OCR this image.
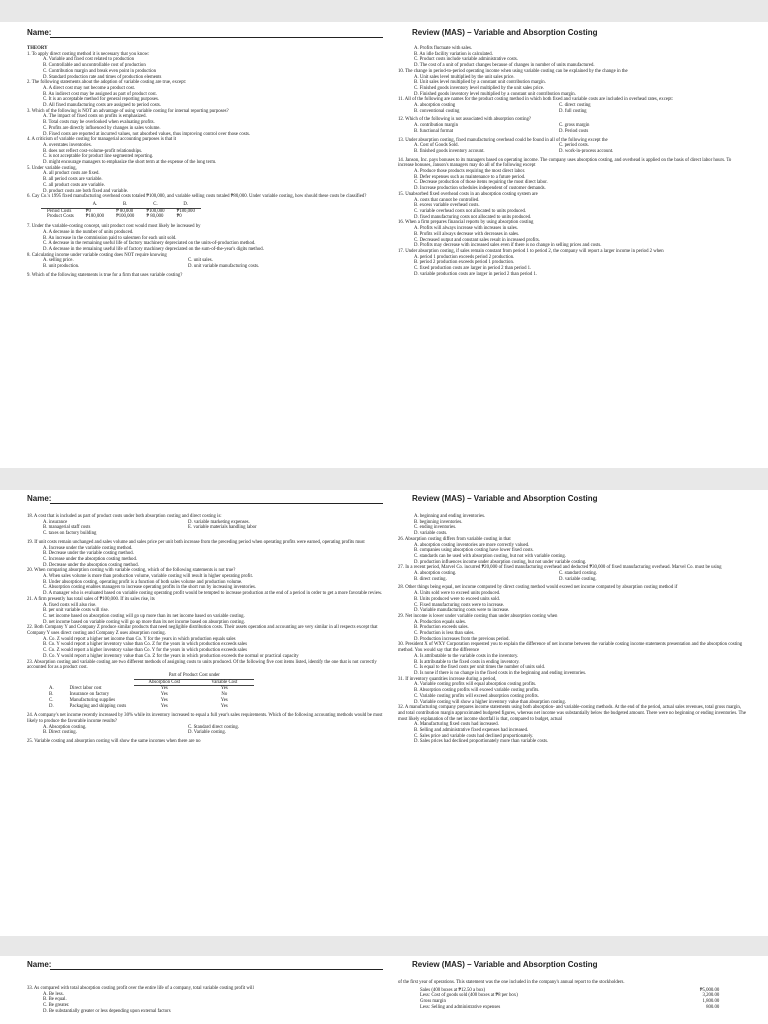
Name:	Review (MAS) – Variable and Absorption Costing

THEORY

1. To apply direct costing method it is necessary that you know:

A. Variable and fixed cost related to production

B. Controllable and uncontrollable cost of production

C. Contribution margin and break even point in production

D. Standard production rate and times of production elements

2. The following statements about the adoption of variable costing are true, except:

A. A direct cost may not become a product cost.

B. An indirect cost may be assigned as part of product cost.

C. It is an acceptable method for general reporting purposes.

D. All fixed manufacturing costs are assigned to period costs.

3. Which of the following is NOT an advantage of using variable costing for internal reporting purposes?

A. The impact of fixed costs on profits is emphasized.

B. Total costs may be overlooked when evaluating profits.

C. Profits are directly influenced by changes in sales volume.

D. Fixed costs are reported at incurred values, not absorbed values, thus improving control over those costs.

4. A criticism of variable costing for managerial accounting purposes is that it

A. overstates inventories.

B. does not reflect cost-volume-profit relationships.

C. is not acceptable for product line segmented reporting.

D. might encourage managers to emphasize the short term at the expense of the long term.

5. Under variable costing,

A. all product costs are fixed.

B. all period costs are variable.

C. all product costs are variable.

D. product costs are both fixed and variable.

6. Cay Co.'s 1995 fixed manufacturing overhead costs totaled ₱100,000, and variable selling costs totaled ₱80,000. Under variable costing, how should these costs be classified?

	A.	B.	C.	D.
Period Costs	₱0	₱ 80,000	₱100,000	₱180,000
Product Costs	₱180,000	₱100,000	₱ 80,000	₱0

7. Under the variable-costing concept, unit product cost would most likely be increased by

A. A decrease in the number of units produced.

B. An increase in the commission paid to salesmen for each unit sold.

C. A decrease in the remaining useful life of factory machinery depreciated on the units-of-production method.

D. A decrease in the remaining useful life of factory machinery depreciated on the sum-of-the-year's digits method.

8. Calculating income under variable costing does NOT require knowing

A. selling price.	C. unit sales.
B. unit production.	D. unit variable manufacturing costs.

9. Which of the following statements is true for a firm that uses variable costing?

A. Profits fluctuate with sales.

B. An idle facility variation is calculated.

C. Product costs include variable administrative costs.

D. The cost of a unit of product changes because of changes in number of units manufactured.

10. The change in period-to-period operating income when using variable costing can be explained by the change in the

A. Unit sales level multiplied by the unit sales price.

B. Unit sales level multiplied by a constant unit contribution margin.

C. Finished goods inventory level multiplied by the unit sales price.

D. Finished goods inventory level multiplied by a constant unit contribution margin.

11. All of the following are names for the product costing method in which both fixed and variable costs are included in overhead rates, except:

A. absorption costing	C. direct costing
B. conventional costing	D. full costing

12. Which of the following is not associated with absorption costing?

A. contribution margin	C. gross margin
B. functional format	D. Period costs

13. Under absorption costing, fixed manufacturing overhead could be found in all of the following except the

A. Cost of Goods Sold.	C. period costs.
B. finished goods inventory account.	D. work-in-process account.

14. Janson, Inc. pays bonuses to its managers based on operating income. The company uses absorption costing, and overhead is applied on the basis of direct labor hours. To increase bonuses, Janson's managers may do all of the following except

A. Produce those products requiring the most direct labor.

B. Defer expenses such as maintenance to a future period.

C. Decrease production of those items requiring the most direct labor.

D. Increase production schedules independent of customer demands.

15. Unabsorbed fixed overhead costs in an absorption costing system are

A. costs that cannot be controlled.

B. excess variable overhead costs.

C. variable overhead costs not allocated to units produced.

D. fixed manufacturing costs not allocated to units produced.

16. When a firm prepares financial reports by using absorption costing

A. Profits will always increase with increases in sales.

B. Profits will always decrease with decreases in sales.

C. Decreased output and constant sales result in increased profits.

D. Profits may decrease with increased sales even if there is no change in selling prices and costs.

17. Under absorption costing, if sales remain constant from period 1 to period 2, the company will report a larger income in period 2 when

A. period 1 production exceeds period 2 production.

B. period 2 production exceeds period 1 production.

C. fixed production costs are larger in period 2 than period 1.

D. variable production costs are larger in period 2 than period 1.

Name:	Review (MAS) – Variable and Absorption Costing

18. A cost that is included as part of product costs under both absorption costing and direct costing is:

A. insurance	D. variable marketing expenses.
B. managerial staff costs	E. variable materials handling labor
C. taxes on factory building

19. If unit costs remain unchanged and sales volume and sales price per unit both increase from the preceding period when operating profits were earned, operating profits must

A. Increase under the variable costing method.

B. Decrease under the variable costing method.

C. Increase under the absorption costing method.

D. Decrease under the absorption costing method.

20. When comparing absorption costing with variable costing, which of the following statements is not true?

A. When sales volume is more than production volume, variable costing will result in higher operating profit.

B. Under absorption costing, operating profit is a function of both sales volume and production volume.

C. Absorption costing enables managers to increase operating profits in the short run by increasing inventories.

D. A manager who is evaluated based on variable costing operating profit would be tempted to increase production at the end of a period in order to get a more favorable review.

21. A firm presently has total sales of ₱100,000. If its sales rise, its

A. fixed costs will also rise.

B. per unit variable costs will rise.

C. net income based on absorption costing will go up more than its net income based on variable costing.

D. net income based on variable costing will go up more than its net income based on absorption costing.

22. Both Company Y and Company Z produce similar products that need negligible distribution costs. Their assets operation and accounting are very similar in all respects except that Company Y uses direct costing and Company Z uses absorption costing.

A. Co. Z would report a higher net income than Co. Y for the years in which production equals sales

B. Co. Y would report a higher inventory value than Co. Z for the years in which production exceeds sales

C. Co. Z would report a higher inventory value than Co. Y for the years in which production exceeds sales

D. Co. Y would report a higher inventory value than Co. Z for the years in which production exceeds the normal or practical capacity

23. Absorption costing and variable costing are two different methods of assigning costs to units produced. Of the following five cost items listed, identify the one that is not correctly accounted for as a product cost.

		Part of Product Cost under	
		Absorption Cost	Variable Cost
A.	Direct labor cost	Yes	Yes
B.	Insurance on factory	Yes	No
C.	Manufacturing supplies	Yes	Yes
D.	Packaging and shipping costs	Yes	Yes

24. A company's net income recently increased by 30% while its inventory increased to equal a full year's sales requirements. Which of the following accounting methods would be most likely to produce the favorable income results?

A. Absorption costing.	C. Standard direct costing.
B. Direct costing.	D. Variable costing.

25. Variable costing and absorption costing will show the same incomes when there are no

A. beginning and ending inventories.

B. beginning inventories.

C. ending inventories.

D. variable costs.

26. Absorption costing differs from variable costing in that

A. absorption costing inventories are more correctly valued.

B. companies using absorption costing have lower fixed costs.

C. standards can be used with absorption costing, but not with variable costing.

D. production influences income under absorption costing, but not under variable costing.

27. In a recent period, Marvel Co. incurred ₱20,000 of fixed manufacturing overhead and deducted ₱30,000 of fixed manufacturing overhead. Marvel Co. must be using

A. absorption costing.	C. standard costing.
B. direct costing.	D. variable costing.

28. Other things being equal, net income computed by direct costing method would exceed net income computed by absorption costing method if

A. Units sold were to exceed units produced.

B. Units produced were to exceed units sold.

C. Fixed manufacturing costs were to increase.

D. Variable manufacturing costs were to increase.

29. Net income is lower under variable costing than under absorption costing when

A. Production equals sales.

B. Production exceeds sales.

C. Production is less than sales.

D. Production increases from the previous period.

30. President X of WXY Corporation requested you to explain the difference of net income between the variable costing income statements presentation and the absorption costing method. You would say that the difference

A. Is attributable to the variable costs in the inventory.

B. Is attributable to the fixed costs in ending inventory.

C. Is equal to the fixed costs per unit times the number of units sold.

D. Is none if there is no change in the fixed costs in the beginning and ending inventories.

31. If inventory quantities increase during a period,

A. Variable costing profits will equal absorption costing profits.

B. Absorption costing profits will exceed variable costing profits.

C. Variable costing profits will exceed absorption costing profits.

D. Variable costing will show a higher inventory value than absorption costing.

32. A manufacturing company prepares income statements using both absorption- and variable-costing methods. At the end of the period, actual sales revenues, total gross margin, and total contribution margin approximated budgeted figures, whereas net income was substantially below the budgeted amount. There were no beginning or ending inventories. The most likely explanation of the net income shortfall is that, compared to budget, actual

A. Manufacturing fixed costs had increased.

B. Selling and administrative fixed expenses had increased.

C. Sales price and variable costs had declined proportionately.

D. Sales prices had declined proportionately more than variable costs.

Name:	Review (MAS) – Variable and Absorption Costing

33. As compared with total absorption costing profit over the entire life of a company, total variable costing profit will

A. Be less.

B. Be equal.

C. Be greater.

D. Be substantially greater or less depending upon external factors

of the first year of operations. This statement was the one included in the company's annual report to the stockholders.

Sales (400 boxes at ₱12.50 a box)	₱5,000.00
Less: Cost of goods sold (400 boxes at ₱8 per box)	3,200.00
Gross margin	1,800.00
Less: Selling and administrative expenses	800.00
